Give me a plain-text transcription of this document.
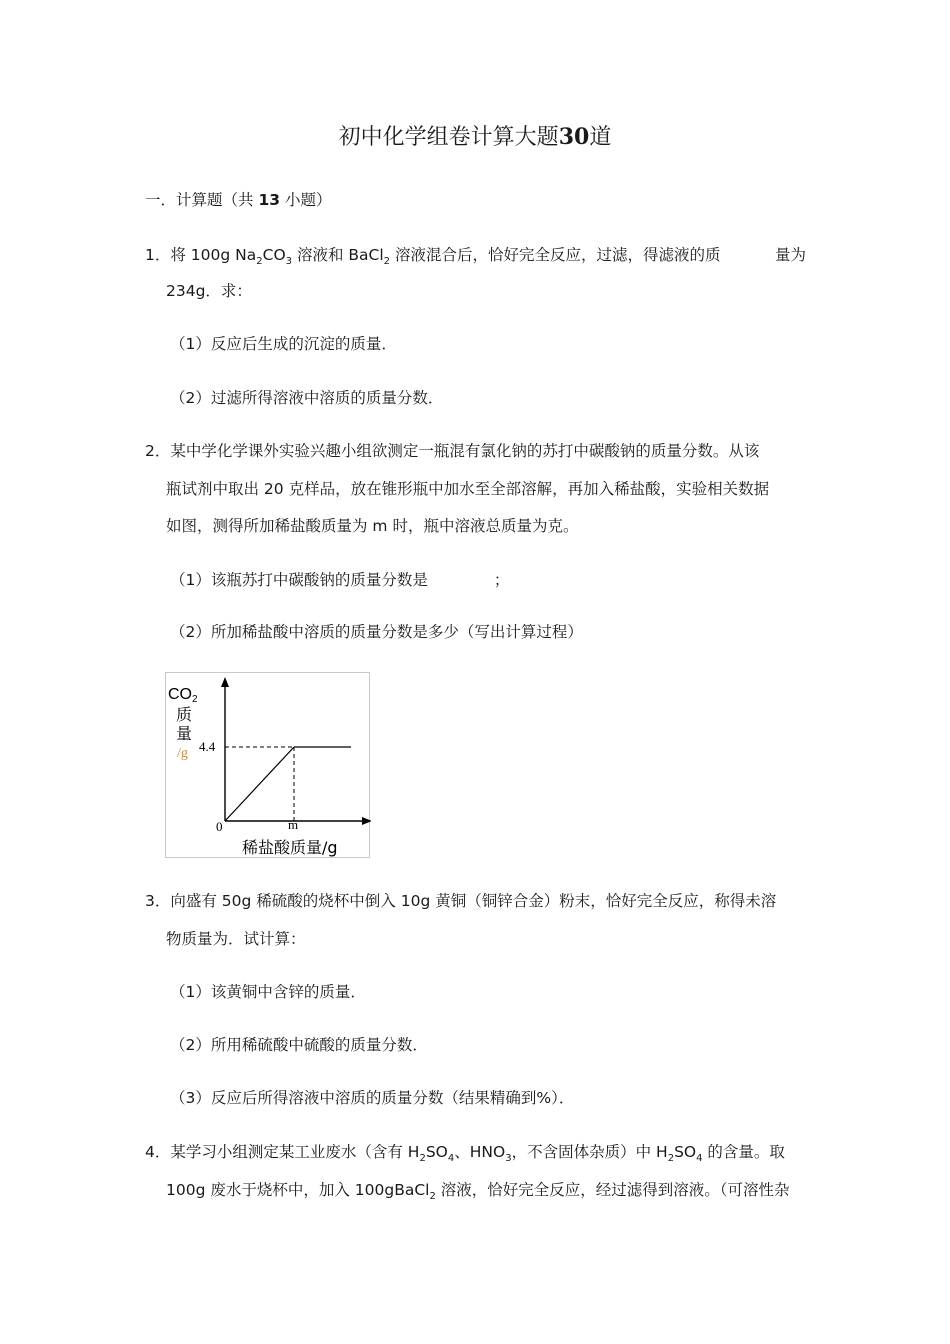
初中化学组卷计算大题30道
一．计算题（共 13 小题）
1．将 100g $Na_2CO_3$ 溶液和 BaCl$_2$ 溶液混合后，恰好完全反应，过滤，得滤液的质	量为
234g．求：
（1）反应后生成的沉淀的质量．
（2）过滤所得溶液中溶质的质量分数．
2．某中学化学课外实验兴趣小组欲测定一瓶混有氯化钠的苏打中碳酸钠的质量分数。从该
瓶试剂中取出 20 克样品，放在锥形瓶中加水至全部溶解，再加入稀盐酸，实验相关数据
如图，测得所加稀盐酸质量为 m 时，瓶中溶液总质量为克。
（1）该瓶苏打中碳酸钠的质量分数是	；
（2）所加稀盐酸中溶质的质量分数是多少（写出计算过程）
CO2
质
量
/g 4.4
0	m
稀盐酸质量/g
3．向盛有 50g 稀硫酸的烧杯中倒入 10g 黄铜（铜锌合金）粉末，恰好完全反应，称得未溶
物质量为．试计算：
（1）该黄铜中含锌的质量．
（2）所用稀硫酸中硫酸的质量分数．
（3）反应后所得溶液中溶质的质量分数（结果精确到%）．
4．某学习小组测定某工业废水（含有 $H_2SO_4$、$HNO_3$，不含固体杂质）中 $H_2SO_4$ 的含量。取
100g 废水于烧杯中，加入 100gBaCl$_2$ 溶液，恰好完全反应，经过滤得到溶液。（可溶性杂
